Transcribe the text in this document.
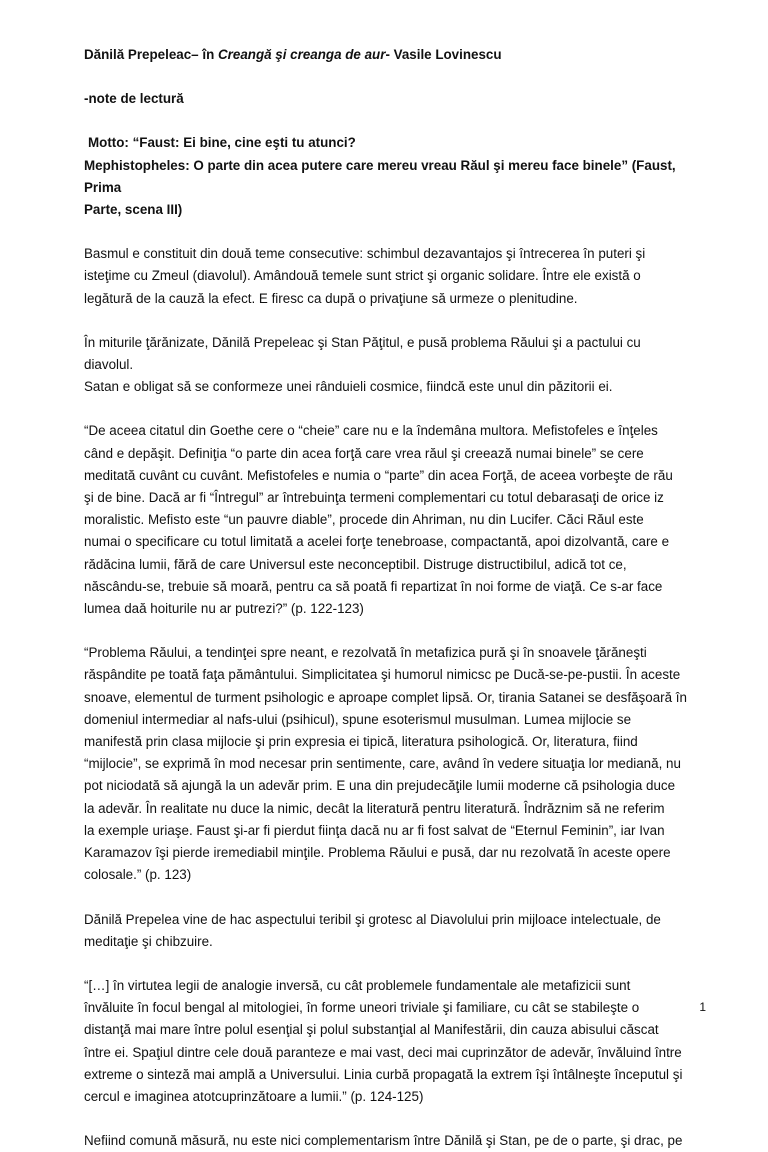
Dănilă Prepeleac– în Creangă şi creanga de aur- Vasile Lovinescu

-note de lectură

Motto: “Faust: Ei bine, cine eşti tu atunci?
Mephistopheles: O parte din acea putere care mereu vreau Răul şi mereu face binele” (Faust, Prima
Parte, scena III)

Basmul e constituit din două teme consecutive: schimbul dezavantajos şi întrecerea în puteri şi
isteţime cu Zmeul (diavolul). Amândouă temele sunt strict şi organic solidare. Între ele există o
legătură de la cauză la efect. E firesc ca după o privaţiune să urmeze o plenitudine.

În miturile ţărănizate, Dănilă Prepeleac şi Stan Păţitul, e pusă problema Răului şi a pactului cu
diavolul.
Satan e obligat să se conformeze unei rânduieli cosmice, fiindcă este unul din păzitorii ei.

“De aceea citatul din Goethe cere o “cheie” care nu e la îndemâna multora. Mefistofeles e înţeles
când e depăşit. Definiţia “o parte din acea forţă care vrea răul şi creează numai binele” se cere
meditată cuvânt cu cuvânt. Mefistofeles e numia o “parte” din acea Forţă, de aceea vorbeşte de rău
şi de bine. Dacă ar fi “Întregul” ar întrebuinţa termeni complementari cu totul debarasaţi de orice iz
moralistic. Mefisto este “un pauvre diable”, procede din Ahriman, nu din Lucifer. Căci Răul este
numai o specificare cu totul limitată a acelei forţe tenebroase, compactantă, apoi dizolvantă, care e
rădăcina lumii, fără de care Universul este neconceptibil. Distruge distructibilul, adică tot ce,
născându-se, trebuie să moară, pentru ca să poată fi repartizat în noi forme de viaţă. Ce s-ar face
lumea daă hoiturile nu ar putrezi?” (p. 122-123)

“Problema Răului, a tendinţei spre neant, e rezolvată în metafizica pură şi în snoavele ţărăneşti
răspândite pe toată faţa pământului. Simplicitatea şi humorul nimicsc pe Ducă-se-pe-pustii. În aceste
snoave, elementul de turment psihologic e aproape complet lipsă. Or, tirania Satanei se desfăşoară în
domeniul intermediar al nafs-ului (psihicul), spune esoterismul musulman. Lumea mijlocie se
manifestă prin clasa mijlocie şi prin expresia ei tipică, literatura psihologică. Or, literatura, fiind
“mijlocie”, se exprimă în mod necesar prin sentimente, care, având în vedere situaţia lor mediană, nu
pot niciodată să ajungă la un adevăr prim. E una din prejudecăţile lumii moderne că psihologia duce
la adevăr. În realitate nu duce la nimic, decât la literatură pentru literatură. Îndrăznim să ne referim
la exemple uriaşe. Faust şi-ar fi pierdut fiinţa dacă nu ar fi fost salvat de “Eternul Feminin”, iar Ivan
Karamazov îşi pierde iremediabil minţile. Problema Răului e pusă, dar nu rezolvată în aceste opere
colosale.” (p. 123)

Dănilă Prepelea vine de hac aspectului teribil şi grotesc al Diavolului prin mijloace intelectuale, de
meditaţie şi chibzuire.

“[…] în virtutea legii de analogie inversă, cu cât problemele fundamentale ale metafizicii sunt
învăluite în focul bengal al mitologiei, în forme uneori triviale şi familiare, cu cât se stabileşte o
distanţă mai mare între polul esenţial şi polul substanţial al Manifestării, din cauza abisului căscat
între ei. Spaţiul dintre cele două paranteze e mai vast, deci mai cuprinzător de adevăr, învăluind între
extreme o sinteză mai amplă a Universului. Linia curbă propagată la extrem îşi întâlneşte începutul şi
cercul e imaginea atotcuprinzătoare a lumii.” (p. 124-125)

Nefiind comună măsură, nu este nici complementarism între Dănilă şi Stan, pe de o parte, şi drac, pe

1
